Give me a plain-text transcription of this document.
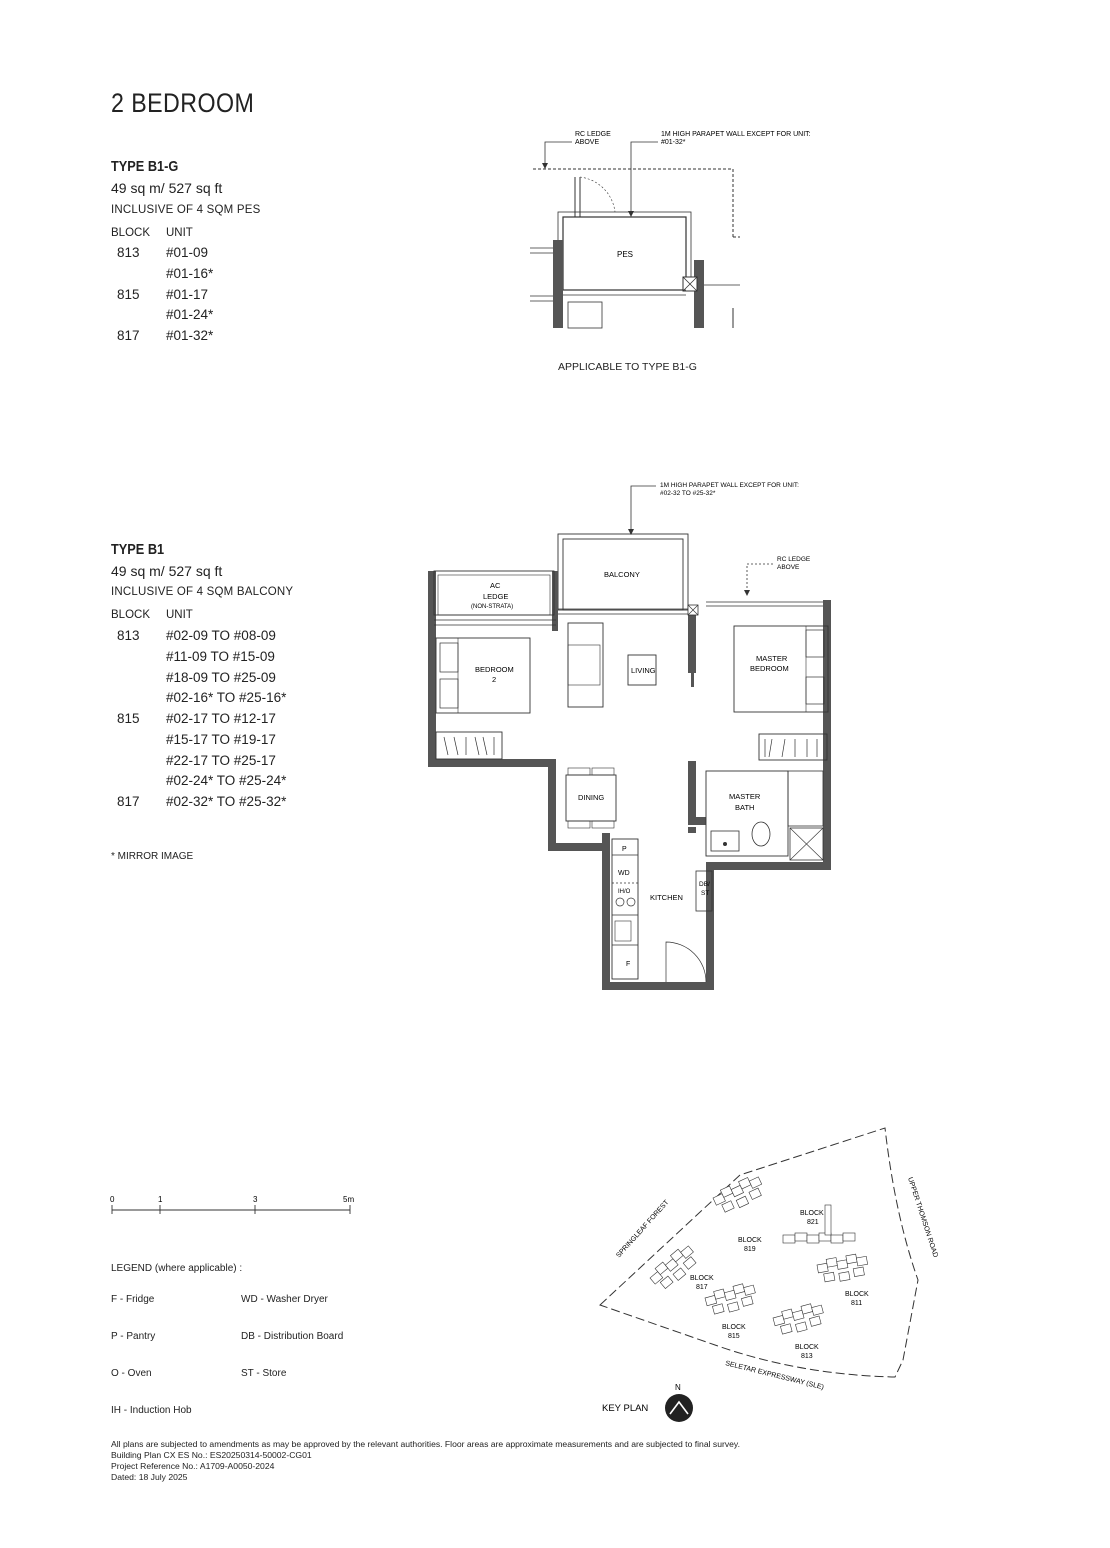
2 BEDROOM
TYPE B1-G
49 sq m/ 527 sq ft
INCLUSIVE OF 4 SQM PES
BLOCK UNIT
813 #01-09
#01-16*
815 #01-17
#01-24*
817 #01-32*
TYPE B1
49 sq m/ 527 sq ft
INCLUSIVE OF 4 SQM BALCONY
BLOCK UNIT
813 #02-09 TO #08-09
#11-09 TO #15-09
#18-09 TO #25-09
#02-16* TO #25-16*
815 #02-17 TO #12-17
#15-17 TO #19-17
#22-17 TO #25-17
#02-24* TO #25-24*
817 #02-32* TO #25-32*
* MIRROR IMAGE
RC LEDGE
ABOVE
1M HIGH PARAPET WALL EXCEPT FOR UNIT:
#01-32*
PES
APPLICABLE TO TYPE B1-G
1M HIGH PARAPET WALL EXCEPT FOR UNIT:
#02-32 TO #25-32*
RC LEDGE
ABOVE
BALCONY
AC
LEDGE
(NON-STRATA)
BEDROOM
2
LIVING
MASTER
BEDROOM
DINING	MASTER
BATH
P
WD
IH/O
F
KITCHEN
DB/
ST
0	1	3	5m
LEGEND (where applicable) :
F - Fridge	WD - Washer Dryer
P - Pantry	DB - Distribution Board
O - Oven	ST - Store
IH - Induction Hob
SPRINGLEAF FOREST	UPPER THOMSON ROAD
SELETAR EXPRESSWAY (SLE)
BLOCK
821
BLOCK
819
BLOCK
817
BLOCK
811
BLOCK
815
BLOCK
813
N
KEY PLAN
All plans are subjected to amendments as may be approved by the relevant authorities. Floor areas are approximate measurements and are subjected to final survey.
Building Plan CX ES No.: ES20250314-50002-CG01
Project Reference No.: A1709-A0050-2024
Dated: 18 July 2025
